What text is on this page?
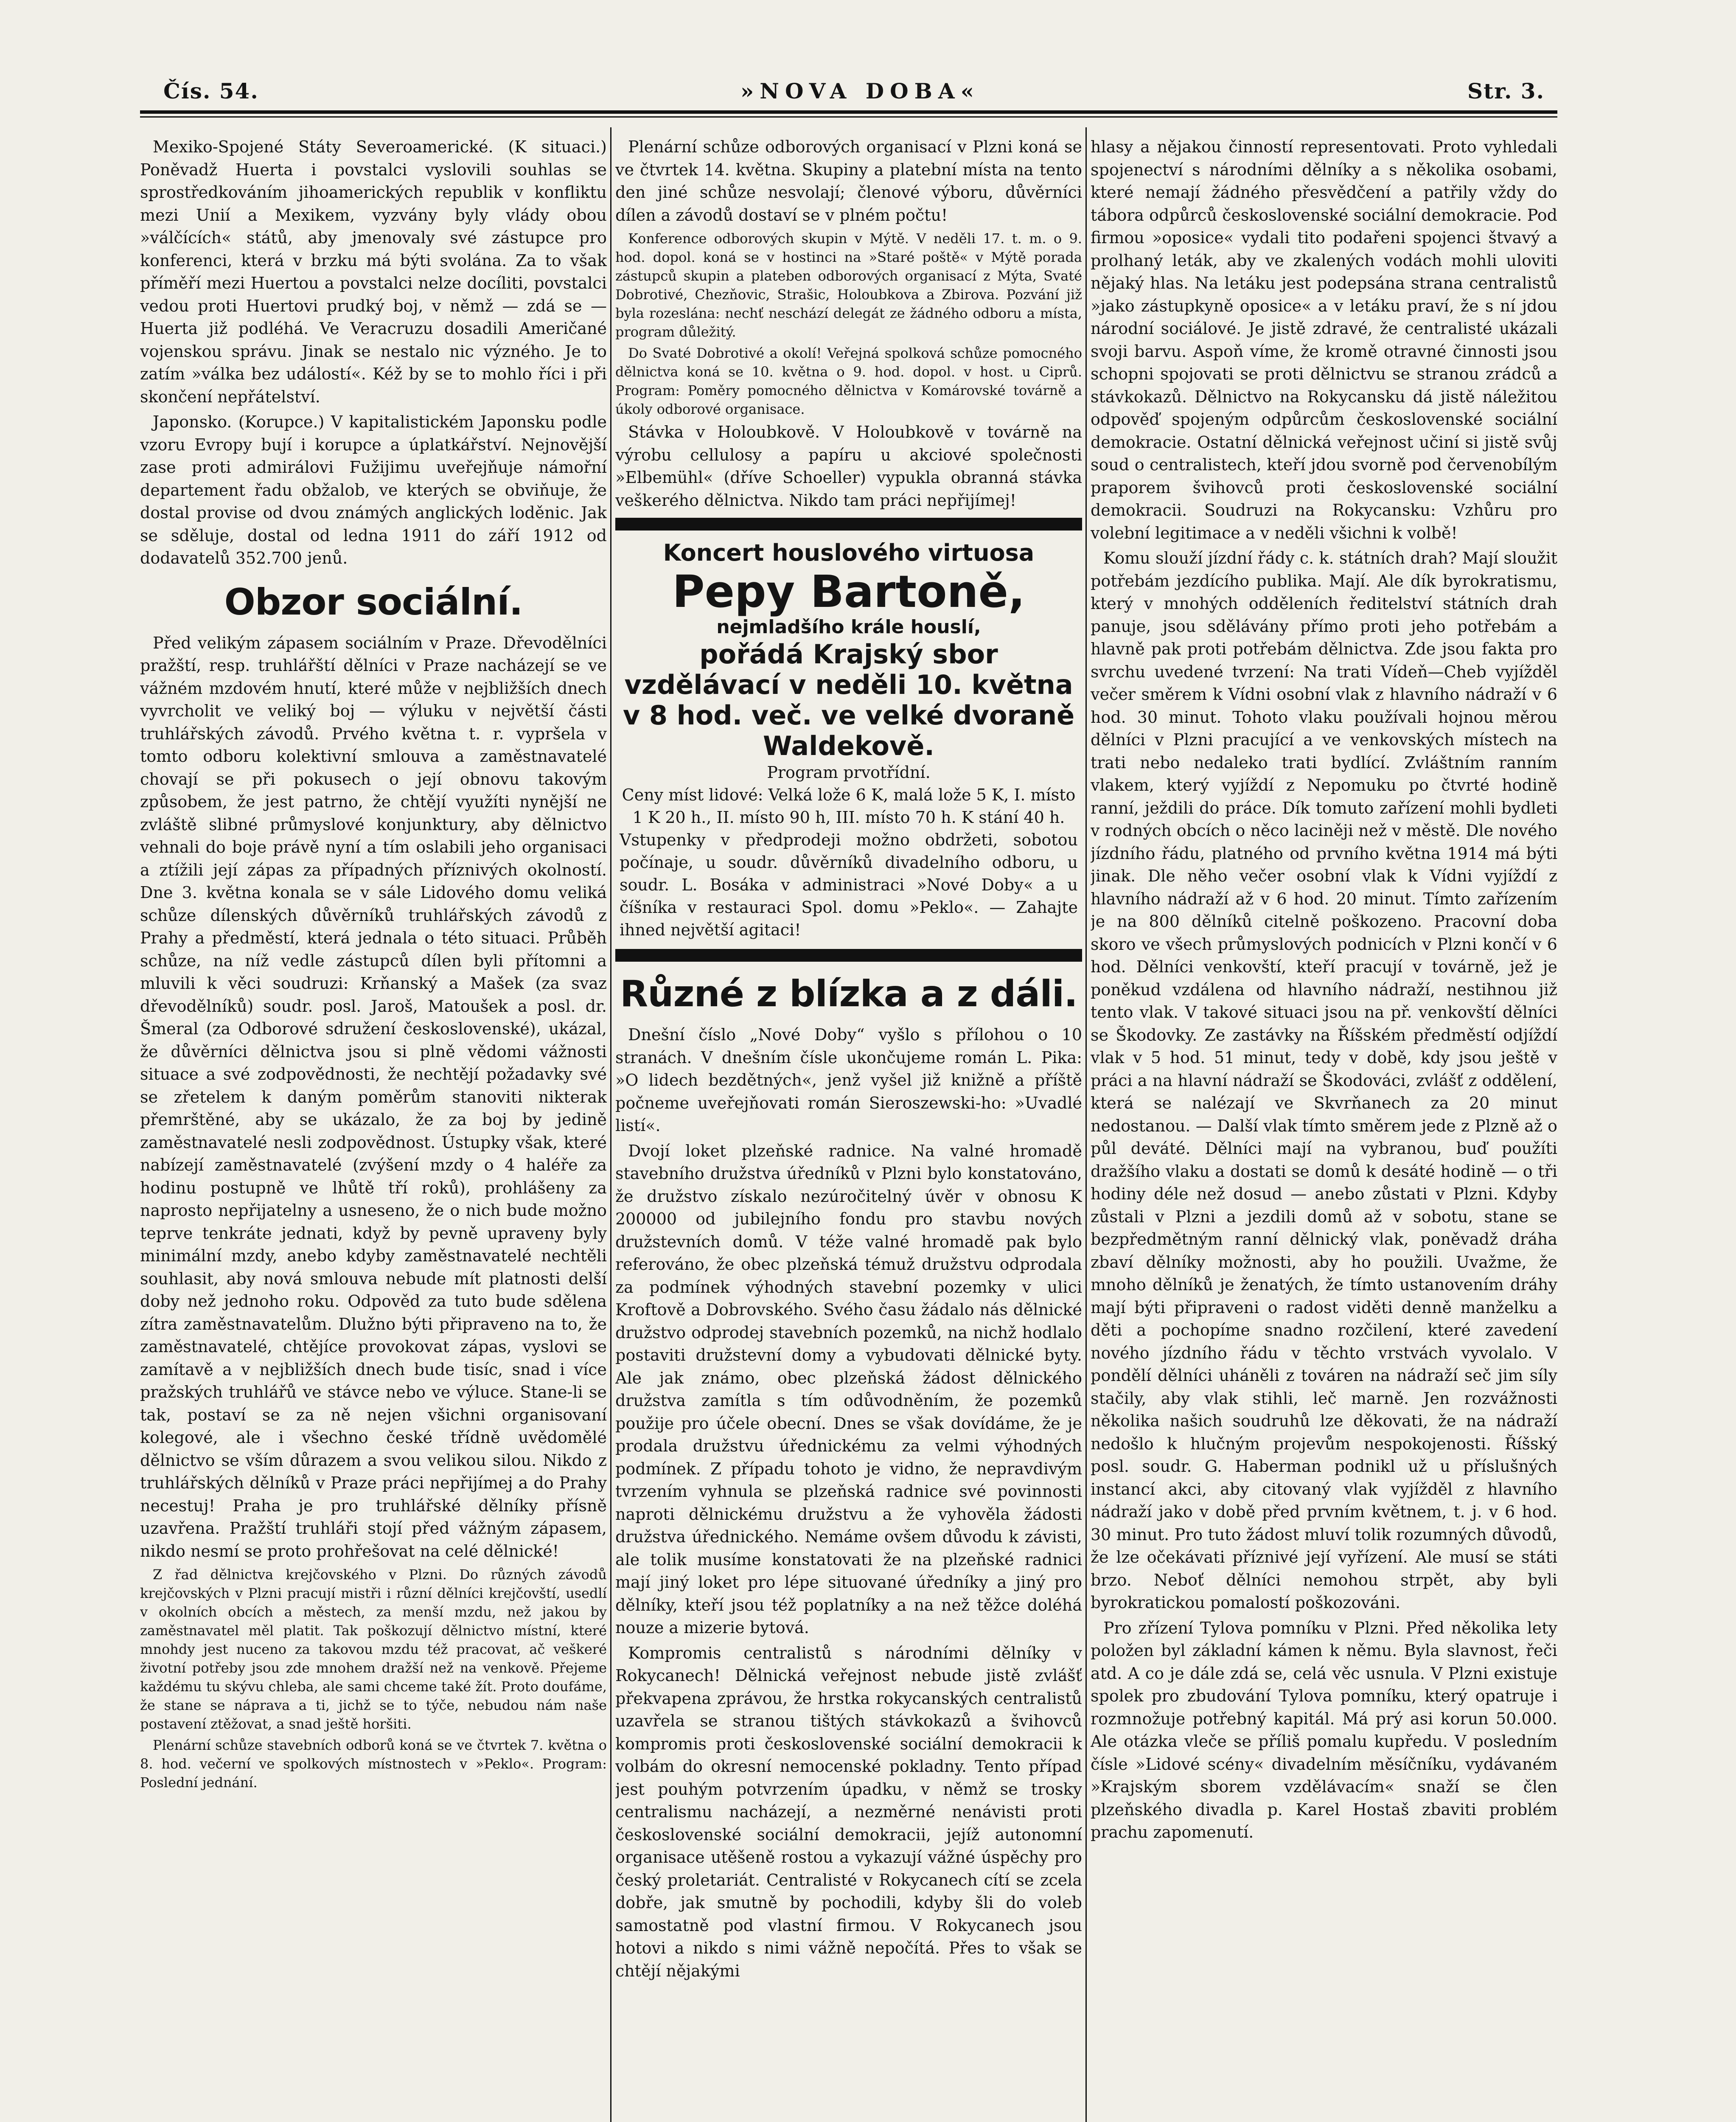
Čís. 54.	»NOVA DOBA«	Str. 3.

Mexiko-Spojené Státy Severoamerické. (K situaci.) Poněvadž Huerta i povstalci vyslovili souhlas se sprostředkováním jihoamerických republik v konfliktu mezi Unií a Mexikem, vyzvány byly vlády obou »válčících« států, aby jmenovaly své zástupce pro konferenci, která v brzku má býti svolána. Za to však příměří mezi Huertou a povstalci nelze docíliti, povstalci vedou proti Huertovi prudký boj, v němž — zdá se — Huerta již podléhá. Ve Veracruzu dosadili Američané vojenskou správu. Jinak se nestalo nic význého. Je to zatím »válka bez událostí«. Kéž by se to mohlo říci i při skončení nepřátelství.

Japonsko. (Korupce.) V kapitalistickém Japonsku podle vzoru Evropy bují i korupce a úplatkářství. Nejnovější zase proti admirálovi Fužijimu uveřejňuje námořní departement řadu obžalob, ve kterých se obviňuje, že dostal provise od dvou známých anglických loděnic. Jak se sděluje, dostal od ledna 1911 do září 1912 od dodavatelů 352.700 jenů.

Obzor sociální.

Před velikým zápasem sociálním v Praze. Dřevodělníci pražští, resp. truhlářští dělníci v Praze nacházejí se ve vážném mzdovém hnutí, které může v nejbližších dnech vyvrcholit ve veliký boj — výluku v největší části truhlářských závodů. Prvého května t. r. vypršela v tomto odboru kolektivní smlouva a zaměstnavatelé chovají se při pokusech o její obnovu takovým způsobem, že jest patrno, že chtějí využíti nynější ne zvláště slibné průmyslové konjunktury, aby dělnictvo vehnali do boje právě nyní a tím oslabili jeho organisaci a ztížili její zápas za případných příznivých okolností. Dne 3. května konala se v sále Lidového domu veliká schůze dílenských důvěrníků truhlářských závodů z Prahy a předměstí, která jednala o této situaci. Průběh schůze, na níž vedle zástupců dílen byli přítomni a mluvili k věci soudruzi: Krňanský a Mašek (za svaz dřevodělníků) soudr. posl. Jaroš, Matoušek a posl. dr. Šmeral (za Odborové sdružení československé), ukázal, že důvěrníci dělnictva jsou si plně vědomi vážnosti situace a své zodpovědnosti, že nechtějí požadavky své se zřetelem k daným poměrům stanoviti nikterak přemrštěné, aby se ukázalo, že za boj by jedině zaměstnavatelé nesli zodpovědnost. Ústupky však, které nabízejí zaměstnavatelé (zvýšení mzdy o 4 haléře za hodinu postupně ve lhůtě tří roků), prohlášeny za naprosto nepřijatelny a usneseno, že o nich bude možno teprve tenkráte jednati, když by pevně upraveny byly minimální mzdy, anebo kdyby zaměstnavatelé nechtěli souhlasit, aby nová smlouva nebude mít platnosti delší doby než jednoho roku. Odpověd za tuto bude sdělena zítra zaměstnavatelům. Dlužno býti připraveno na to, že zaměstnavatelé, chtějíce provokovat zápas, vyslovi se zamítavě a v nejbližších dnech bude tisíc, snad i více pražských truhlářů ve stávce nebo ve výluce. Stane-li se tak, postaví se za ně nejen všichni organisovaní kolegové, ale i všechno české třídně uvědomělé dělnictvo se vším důrazem a svou velikou silou. Nikdo z truhlářských dělníků v Praze práci nepřijímej a do Prahy necestuj! Praha je pro truhlářské dělníky přísně uzavřena. Pražští truhláři stojí před vážným zápasem, nikdo nesmí se proto prohřešovat na celé dělnické!

Z řad dělnictva krejčovského v Plzni. Do různých závodů krejčovských v Plzni pracují mistři i různí dělníci krejčovští, usedlí v okolních obcích a městech, za menší mzdu, než jakou by zaměstnavatel měl platit. Tak poškozují dělnictvo místní, které mnohdy jest nuceno za takovou mzdu též pracovat, ač veškeré životní potřeby jsou zde mnohem dražší než na venkově. Přejeme každému tu skývu chleba, ale sami chceme také žít. Proto doufáme, že stane se náprava a ti, jichž se to týče, nebudou nám naše postavení ztěžovat, a snad ještě horšiti.

Plenární schůze stavebních odborů koná se ve čtvrtek 7. května o 8. hod. večerní ve spolkových místnostech v »Peklo«. Program: Poslední jednání.

Plenární schůze odborových organisací v Plzni koná se ve čtvrtek 14. května. Skupiny a platební místa na tento den jiné schůze nesvolají; členové výboru, důvěrníci dílen a závodů dostaví se v plném počtu!

Konference odborových skupin v Mýtě. V neděli 17. t. m. o 9. hod. dopol. koná se v hostinci na »Staré poště« v Mýtě porada zástupců skupin a plateben odborových organisací z Mýta, Svaté Dobrotivé, Chezňovic, Strašic, Holoubkova a Zbirova. Pozvání již byla rozeslána: nechť neschází delegát ze žádného odboru a místa, program důležitý.

Do Svaté Dobrotivé a okolí! Veřejná spolková schůze pomocného dělnictva koná se 10. května o 9. hod. dopol. v host. u Ciprů. Program: Poměry pomocného dělnictva v Komárovské továrně a úkoly odborové organisace.

Stávka v Holoubkově. V Holoubkově v továrně na výrobu cellulosy a papíru u akciové společnosti »Elbemühl« (dříve Schoeller) vypukla obranná stávka veškerého dělnictva. Nikdo tam práci nepřijímej!

Koncert houslového virtuosa
Pepy Bartoně,
nejmladšího krále houslí,
pořádá Krajský sbor vzdělávací v neděli 10. května v 8 hod. več. ve velké dvoraně Waldekově.
Program prvotřídní.
Ceny míst lidové: Velká lože 6 K, malá lože 5 K, I. místo 1 K 20 h., II. místo 90 h, III. místo 70 h. K stání 40 h.
Vstupenky v předprodeji možno obdržeti, sobotou počínaje, u soudr. důvěrníků divadelního odboru, u soudr. L. Bosáka v administraci »Nové Doby« a u číšníka v restauraci Spol. domu »Peklo«. — Zahajte ihned největší agitaci!
Různé z blízka a z dáli.

Dnešní číslo „Nové Doby“ vyšlo s přílohou o 10 stranách. V dnešním čísle ukončujeme román L. Pika: »O lidech bezdětných«, jenž vyšel již knižně a příště počneme uveřejňovati román Sieroszewski-ho: »Uvadlé listí«.

Dvojí loket plzeňské radnice. Na valné hromadě stavebního družstva úředníků v Plzni bylo konstatováno, že družstvo získalo nezúročitelný úvěr v obnosu K 200000 od jubilejního fondu pro stavbu nových družstevních domů. V téže valné hromadě pak bylo referováno, že obec plzeňská témuž družstvu odprodala za podmínek výhodných stavební pozemky v ulici Kroftově a Dobrovského. Svého času žádalo nás dělnické družstvo odprodej stavebních pozemků, na nichž hodlalo postaviti družstevní domy a vybudovati dělnické byty. Ale jak známo, obec plzeňská žádost dělnického družstva zamítla s tím odůvodněním, že pozemků použije pro účele obecní. Dnes se však dovídáme, že je prodala družstvu úřednickému za velmi výhodných podmínek. Z případu tohoto je vidno, že nepravdivým tvrzením vyhnula se plzeňská radnice své povinnosti naproti dělnickému družstvu a že vyhověla žádosti družstva úřednického. Nemáme ovšem důvodu k závisti, ale tolik musíme konstatovati že na plzeňské radnici mají jiný loket pro lépe situované úředníky a jiný pro dělníky, kteří jsou též poplatníky a na než těžce doléhá nouze a mizerie bytová.

Kompromis centralistů s národními dělníky v Rokycanech! Dělnická veřejnost nebude jistě zvlášť překvapena zprávou, že hrstka rokycanských centralistů uzavřela se stranou tištých stávkokazů a švihovců kompromis proti československé sociální demokracii k volbám do okresní nemocenské pokladny. Tento případ jest pouhým potvrzením úpadku, v němž se trosky centralismu nacházejí, a nezměrné nenávisti proti československé sociální demokracii, jejíž autonomní organisace utěšeně rostou a vykazují vážné úspěchy pro český proletariát. Centralisté v Rokycanech cítí se zcela dobře, jak smutně by pochodili, kdyby šli do voleb samostatně pod vlastní firmou. V Rokycanech jsou hotovi a nikdo s nimi vážně nepočítá. Přes to však se chtějí nějakými

hlasy a nějakou činností representovati. Proto vyhledali spojenectví s národními dělníky a s několika osobami, které nemají žádného přesvědčení a patřily vždy do tábora odpůrců československé sociální demokracie. Pod firmou »oposice« vydali tito podařeni spojenci štvavý a prolhaný leták, aby ve zkalených vodách mohli uloviti nějaký hlas. Na letáku jest podepsána strana centralistů »jako zástupkyně oposice« a v letáku praví, že s ní jdou národní sociálové. Je jistě zdravé, že centralisté ukázali svoji barvu. Aspoň víme, že kromě otravné činnosti jsou schopni spojovati se proti dělnictvu se stranou zrádců a stávkokazů. Dělnictvo na Rokycansku dá jistě náležitou odpověď spojeným odpůrcům československé sociální demokracie. Ostatní dělnická veřejnost učiní si jistě svůj soud o centralistech, kteří jdou svorně pod červenobílým praporem švihovců proti československé sociální demokracii. Soudruzi na Rokycansku: Vzhůru pro volební legitimace a v neděli všichni k volbě!

Komu slouží jízdní řády c. k. státních drah? Mají sloužit potřebám jezdícího publika. Mají. Ale dík byrokratismu, který v mnohých odděleních ředitelství státních drah panuje, jsou sdělávány přímo proti jeho potřebám a hlavně pak proti potřebám dělnictva. Zde jsou fakta pro svrchu uvedené tvrzení: Na trati Vídeň—Cheb vyjížděl večer směrem k Vídni osobní vlak z hlavního nádraží v 6 hod. 30 minut. Tohoto vlaku používali hojnou měrou dělníci v Plzni pracující a ve venkovských místech na trati nebo nedaleko trati bydlící. Zvláštním ranním vlakem, který vyjíždí z Nepomuku po čtvrté hodině ranní, ježdili do práce. Dík tomuto zařízení mohli bydleti v rodných obcích o něco laciněji než v městě. Dle nového jízdního řádu, platného od prvního května 1914 má býti jinak. Dle něho večer osobní vlak k Vídni vyjíždí z hlavního nádraží až v 6 hod. 20 minut. Tímto zařízením je na 800 dělníků citelně poškozeno. Pracovní doba skoro ve všech průmyslových podnicích v Plzni končí v 6 hod. Dělníci venkovští, kteří pracují v továrně, jež je poněkud vzdálena od hlavního nádraží, nestihnou již tento vlak. V takové situaci jsou na př. venkovští dělníci se Škodovky. Ze zastávky na Říšském předměstí odjíždí vlak v 5 hod. 51 minut, tedy v době, kdy jsou ještě v práci a na hlavní nádraží se Škodováci, zvlášť z oddělení, která se nalézají ve Skvrňanech za 20 minut nedostanou. — Další vlak tímto směrem jede z Plzně až o půl deváté. Dělníci mají na vybranou, buď použíti dražšího vlaku a dostati se domů k desáté hodině — o tři hodiny déle než dosud — anebo zůstati v Plzni. Kdyby zůstali v Plzni a jezdili domů až v sobotu, stane se bezpředmětným ranní dělnický vlak, poněvadž dráha zbaví dělníky možnosti, aby ho použili. Uvažme, že mnoho dělníků je ženatých, že tímto ustanovením dráhy mají býti připraveni o radost viděti denně manželku a děti a pochopíme snadno rozčilení, které zavedení nového jízdního řádu v těchto vrstvách vyvolalo. V pondělí dělníci uháněli z továren na nádraží seč jim síly stačily, aby vlak stihli, leč marně. Jen rozvážnosti několika našich soudruhů lze děkovati, že na nádraží nedošlo k hlučným projevům nespokojenosti. Říšský posl. soudr. G. Haberman podnikl už u příslušných instancí akci, aby citovaný vlak vyjížděl z hlavního nádraží jako v době před prvním květnem, t. j. v 6 hod. 30 minut. Pro tuto žádost mluví tolik rozumných důvodů, že lze očekávati příznivé její vyřízení. Ale musí se státi brzo. Neboť dělníci nemohou strpět, aby byli byrokratickou pomalostí poškozováni.

Pro zřízení Tylova pomníku v Plzni. Před několika lety položen byl základní kámen k němu. Byla slavnost, řeči atd. A co je dále zdá se, celá věc usnula. V Plzni existuje spolek pro zbudování Tylova pomníku, který opatruje i rozmnožuje potřebný kapitál. Má prý asi korun 50.000. Ale otázka vleče se příliš pomalu kupředu. V posledním čísle »Lidové scény« divadelním měsíčníku, vydávaném »Krajským sborem vzdělávacím« snaží se člen plzeňského divadla p. Karel Hostaš zbaviti problém prachu zapomenutí.
